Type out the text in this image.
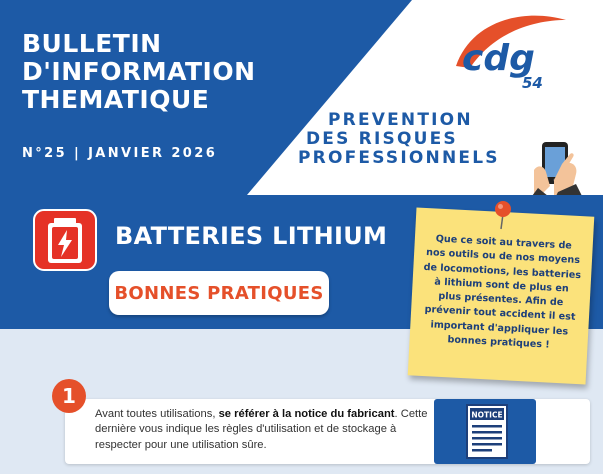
BULLETIN
D'INFORMATION
THEMATIQUE
N°25 | JANVIER 2026
PREVENTION
DES RISQUES
PROFESSIONNELS
cdg
54
BATTERIES LITHIUM
BONNES PRATIQUES

Que ce soit au travers de nos outils ou de nos moyens de locomotions, les batteries à lithium sont de plus en plus présentes. Afin de prévenir tout accident il est important d'appliquer les bonnes pratiques !

1
Avant toutes utilisations, se référer à la notice du fabricant. Cette dernière vous indique les règles d'utilisation et de stockage à respecter pour une utilisation sûre.
NOTICE
